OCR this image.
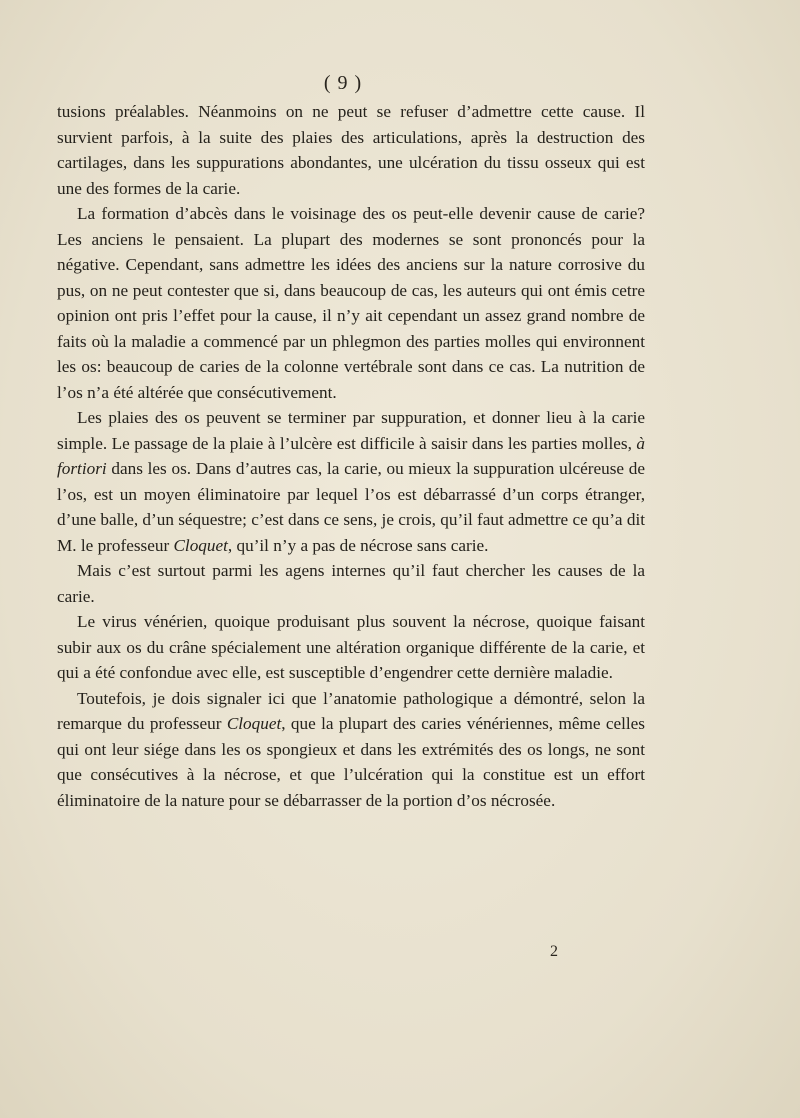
( 9 )

tusions préalables. Néanmoins on ne peut se refuser d’admettre cette cause. Il survient parfois, à la suite des plaies des articulations, après la destruction des cartilages, dans les suppurations abondantes, une ulcération du tissu osseux qui est une des formes de la carie.

La formation d’abcès dans le voisinage des os peut-elle devenir cause de carie? Les anciens le pensaient. La plupart des modernes se sont prononcés pour la négative. Cependant, sans admettre les idées des anciens sur la nature corrosive du pus, on ne peut contester que si, dans beaucoup de cas, les auteurs qui ont émis cetre opinion ont pris l’effet pour la cause, il n’y ait cependant un assez grand nombre de faits où la maladie a commencé par un phlegmon des parties molles qui environnent les os: beaucoup de caries de la colonne vertébrale sont dans ce cas. La nutrition de l’os n’a été altérée que consécutivement.

Les plaies des os peuvent se terminer par suppuration, et donner lieu à la carie simple. Le passage de la plaie à l’ulcère est difficile à saisir dans les parties molles, à fortiori dans les os. Dans d’autres cas, la carie, ou mieux la suppuration ulcéreuse de l’os, est un moyen éliminatoire par lequel l’os est débarrassé d’un corps étranger, d’une balle, d’un séquestre; c’est dans ce sens, je crois, qu’il faut admettre ce qu’a dit M. le professeur Cloquet, qu’il n’y a pas de nécrose sans carie.

Mais c’est surtout parmi les agens internes qu’il faut chercher les causes de la carie.

Le virus vénérien, quoique produisant plus souvent la nécrose, quoique faisant subir aux os du crâne spécialement une altération organique différente de la carie, et qui a été confondue avec elle, est susceptible d’engendrer cette dernière maladie.

Toutefois, je dois signaler ici que l’anatomie pathologique a démontré, selon la remarque du professeur Cloquet, que la plupart des caries vénériennes, même celles qui ont leur siége dans les os spongieux et dans les extrémités des os longs, ne sont que consécutives à la nécrose, et que l’ulcération qui la constitue est un effort éliminatoire de la nature pour se débarrasser de la portion d’os nécrosée.

2
